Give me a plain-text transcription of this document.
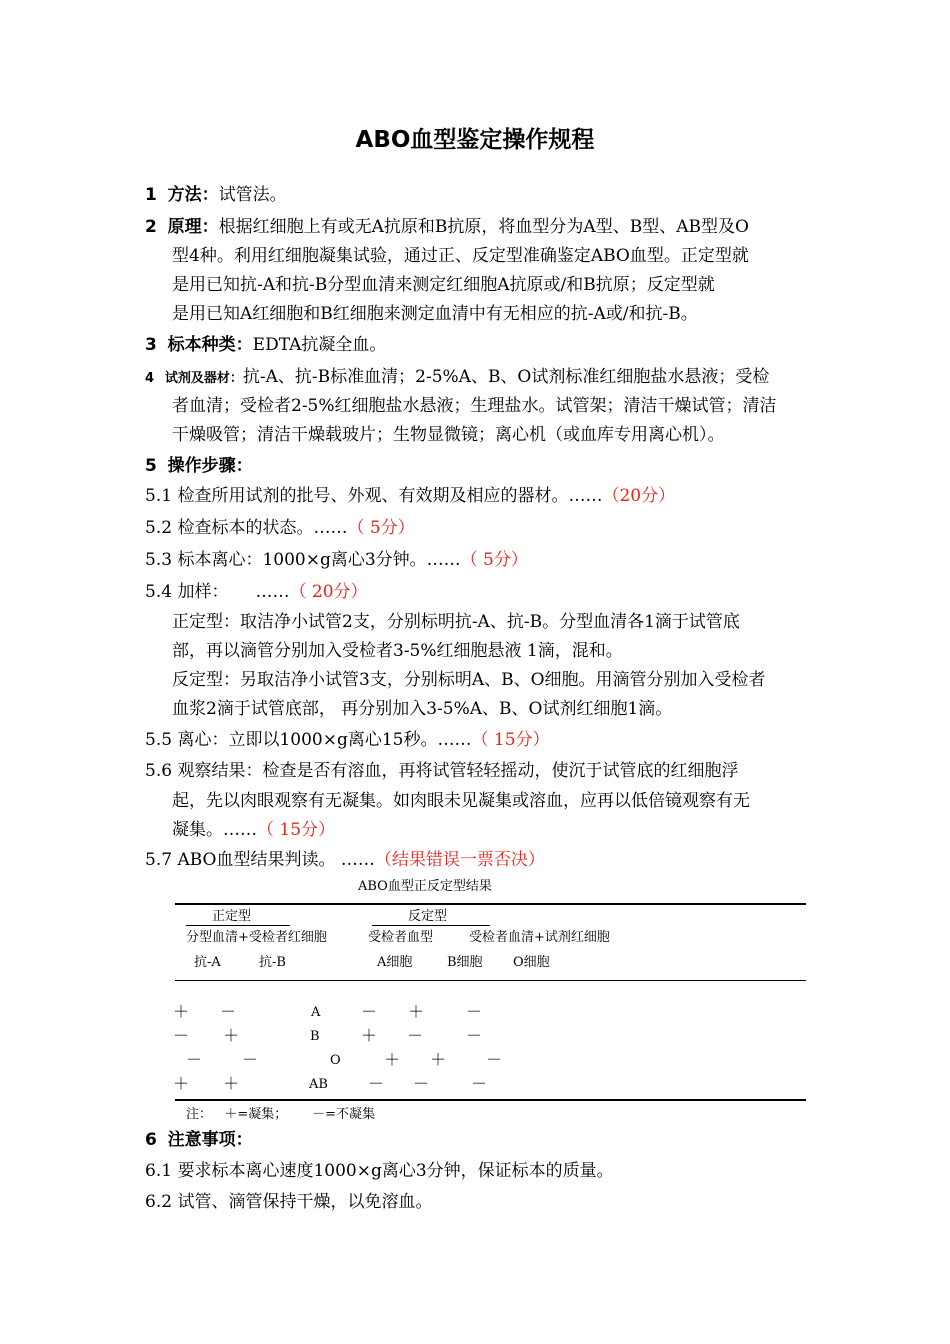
ABO血型鉴定操作规程
1 方法：试管法。
2 原理：根据红细胞上有或无A抗原和B抗原，将血型分为A型、B型、AB型及O
型4种。利用红细胞凝集试验，通过正、反定型准确鉴定ABO血型。正定型就
是用已知抗-A和抗-B分型血清来测定红细胞A抗原或/和B抗原；反定型就
是用已知A红细胞和B红细胞来测定血清中有无相应的抗-A或/和抗-B。
3 标本种类：EDTA抗凝全血。
4 试剂及器材：抗-A、抗-B标准血清；2-5%A、B、O试剂标准红细胞盐水悬液；受检
者血清；受检者2-5%红细胞盐水悬液；生理盐水。试管架；清洁干燥试管；清洁
干燥吸管；清洁干燥载玻片；生物显微镜；离心机（或血库专用离心机）。
5 操作步骤：
5.1 检查所用试剂的批号、外观、有效期及相应的器材。……（20分）
5.2 检查标本的状态。……（ 5分）
5.3 标本离心：1000×g离心3分钟。……（ 5分）
5.4 加样：     ……（ 20分）
正定型：取洁净小试管2支，分别标明抗-A、抗-B。分型血清各1滴于试管底
部，再以滴管分别加入受检者3-5%红细胞悬液 1滴，混和。
反定型：另取洁净小试管3支，分别标明A、B、O细胞。用滴管分别加入受检者
血浆2滴于试管底部， 再分别加入3-5%A、B、O试剂红细胞1滴。
5.5 离心：立即以1000×g离心15秒。……（ 15分）
5.6 观察结果：检查是否有溶血，再将试管轻轻摇动，使沉于试管底的红细胞浮
起，先以肉眼观察有无凝集。如肉眼未见凝集或溶血，应再以低倍镜观察有无
凝集。……（ 15分）
5.7 ABO血型结果判读。 ……（结果错误一票否决）
ABO血型正反定型结果
正定型	反定型
分型血清+受检者红细胞	受检者血型	受检者血清+试剂红细胞
抗-A	抗-B	A细胞	B细胞 O细胞
＋ －	A	－ ＋	－
－ ＋	B	＋ －	－
－ －	O	＋ ＋ －
＋ ＋	AB	－ －	－
注：   ＋=凝集；      －=不凝集
6 注意事项：
6.1 要求标本离心速度1000×g离心3分钟，保证标本的质量。
6.2 试管、滴管保持干燥，以免溶血。
